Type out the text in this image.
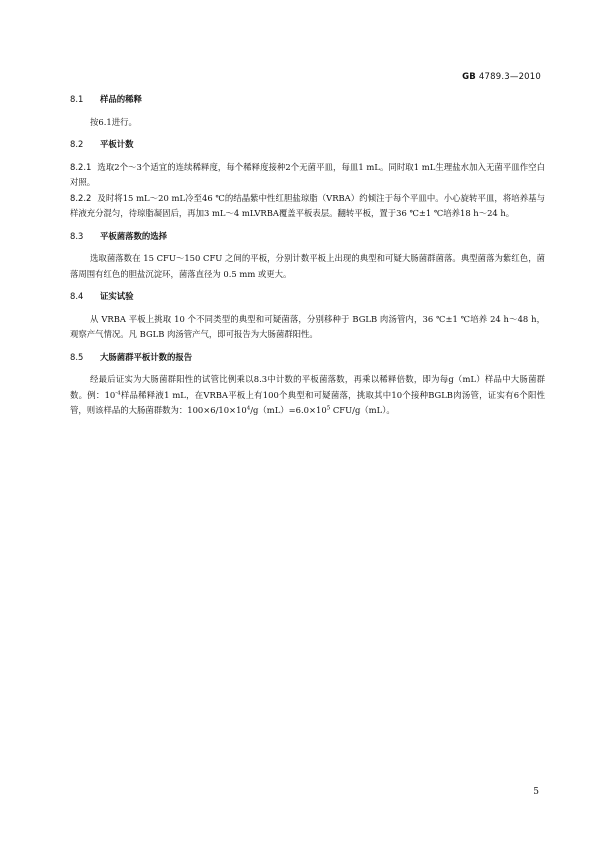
GB 4789.3—2010

8.1 样品的稀释

按6.1进行。

8.2 平板计数

8.2.1 选取2个～3个适宜的连续稀释度，每个稀释度接种2个无菌平皿，每皿1 mL。同时取1 mL生理盐水加入无菌平皿作空白对照。

8.2.2 及时将15 mL～20 mL冷至46 ℃的结晶紫中性红胆盐琼脂（VRBA）约倾注于每个平皿中。小心旋转平皿，将培养基与样液充分混匀，待琼脂凝固后，再加3 mL～4 mLVRBA覆盖平板表层。翻转平板，置于36 ℃±1 ℃培养18 h～24 h。

8.3 平板菌落数的选择

选取菌落数在 15 CFU～150 CFU 之间的平板，分别计数平板上出现的典型和可疑大肠菌群菌落。典型菌落为紫红色，菌落周围有红色的胆盐沉淀环，菌落直径为 0.5 mm 或更大。

8.4 证实试验

从 VRBA 平板上挑取 10 个不同类型的典型和可疑菌落，分别移种于 BGLB 肉汤管内，36 ℃±1 ℃培养 24 h～48 h，观察产气情况。凡 BGLB 肉汤管产气，即可报告为大肠菌群阳性。

8.5 大肠菌群平板计数的报告

经最后证实为大肠菌群阳性的试管比例乘以8.3中计数的平板菌落数，再乘以稀释倍数，即为每g（mL）样品中大肠菌群数。例：$10^{-4}$样品稀释液1 mL，在VRBA平板上有100个典型和可疑菌落，挑取其中10个接种BGLB肉汤管，证实有6个阳性管，则该样品的大肠菌群数为：$100\times 6/10\times 10^4/g(mL)=6.0\times 10^5$ CFU/g（mL）。

5
